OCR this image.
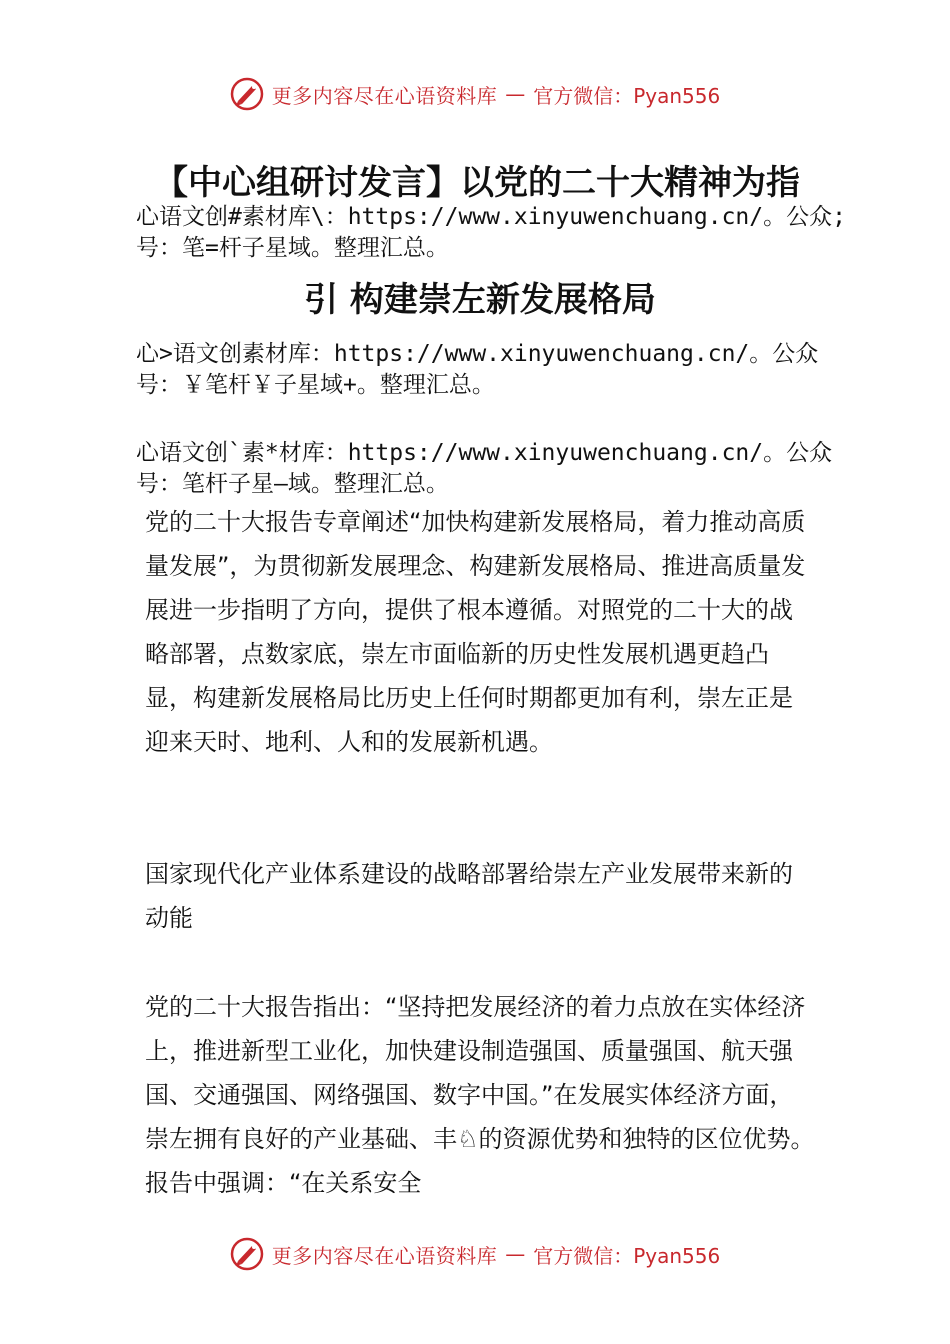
更多内容尽在心语资料库 — 官方微信：Pyan556
【中心组研讨发言】以党的二十大精神为指
心语文创#素材库\：https://www.xinyuwenchuang.cn/。公众;号：笔=杆子星域。整理汇总。
引 构建崇左新发展格局
心>语文创素材库：https://www.xinyuwenchuang.cn/。公众号：￥笔杆￥子星域+。整理汇总。
心语文创`素*材库：https://www.xinyuwenchuang.cn/。公众号：笔杆子星—域。整理汇总。
党的二十大报告专章阐述“加快构建新发展格局，着力推动高质量发展”，为贯彻新发展理念、构建新发展格局、推进高质量发展进一步指明了方向，提供了根本遵循。对照党的二十大的战略部署，点数家底，崇左市面临新的历史性发展机遇更趋凸显，构建新发展格局比历史上任何时期都更加有利，崇左正是迎来天时、地利、人和的发展新机遇。
国家现代化产业体系建设的战略部署给崇左产业发展带来新的动能
党的二十大报告指出：“坚持把发展经济的着力点放在实体经济上，推进新型工业化，加快建设制造强国、质量强国、航天强国、交通强国、网络强国、数字中国。”在发展实体经济方面，崇左拥有良好的产业基础、丰♘的资源优势和独特的区位优势。报告中强调：“在关系安全
更多内容尽在心语资料库 — 官方微信：Pyan556
